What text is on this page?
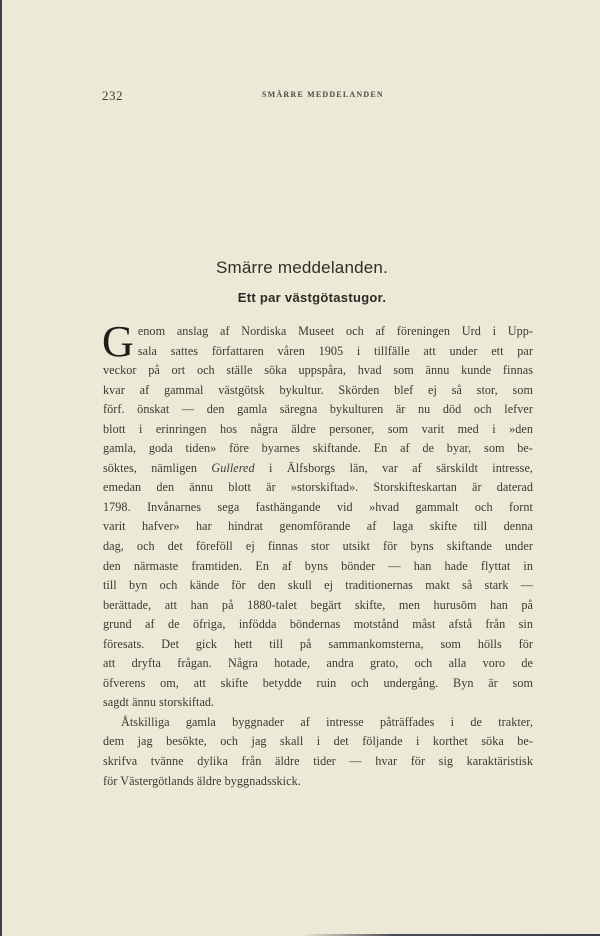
232	SMÄRRE MEDDELANDEN
Smärre meddelanden.
Ett par västgötastugor.

G enom anslag af Nordiska Museet och af föreningen Urd i Upp-
sala sattes författaren våren 1905 i tillfälle att under ett par
veckor på ort och ställe söka uppspåra, hvad som ännu kunde finnas
kvar af gammal västgötsk bykultur. Skörden blef ej så stor, som
förf. önskat — den gamla säregna bykulturen är nu död och lefver
blott i erinringen hos några äldre personer, som varit med i »den
gamla, goda tiden» före byarnes skiftande. En af de byar, som be-
söktes, nämligen Gullered i Älfsborgs län, var af särskildt intresse,
emedan den ännu blott är »storskiftad». Storskifteskartan är daterad
1798. Invånarnes sega fasthängande vid »hvad gammalt och fornt
varit hafver» har hindrat genomförande af laga skifte till denna
dag, och det föreföll ej finnas stor utsikt för byns skiftande under
den närmaste framtiden. En af byns bönder — han hade flyttat in
till byn och kände för den skull ej traditionernas makt så stark —
berättade, att han på 1880-talet begärt skifte, men hurusōm han på
grund af de öfriga, infödda böndernas motstånd måst afstå från sin
föresats. Det gick hett till på sammankomsterna, som hölls för
att dryfta frågan. Några hotade, andra grato, och alla voro de
öfverens om, att skifte betydde ruin och undergång. Byn är som
sagdt ännu storskiftad.

Åtskilliga gamla byggnader af intresse påträffades i de trakter,
dem jag besökte, och jag skall i det följande i korthet söka be-
skrifva tvänne dylika från äldre tider — hvar för sig karaktäristisk
för Västergötlands äldre byggnadsskick.
